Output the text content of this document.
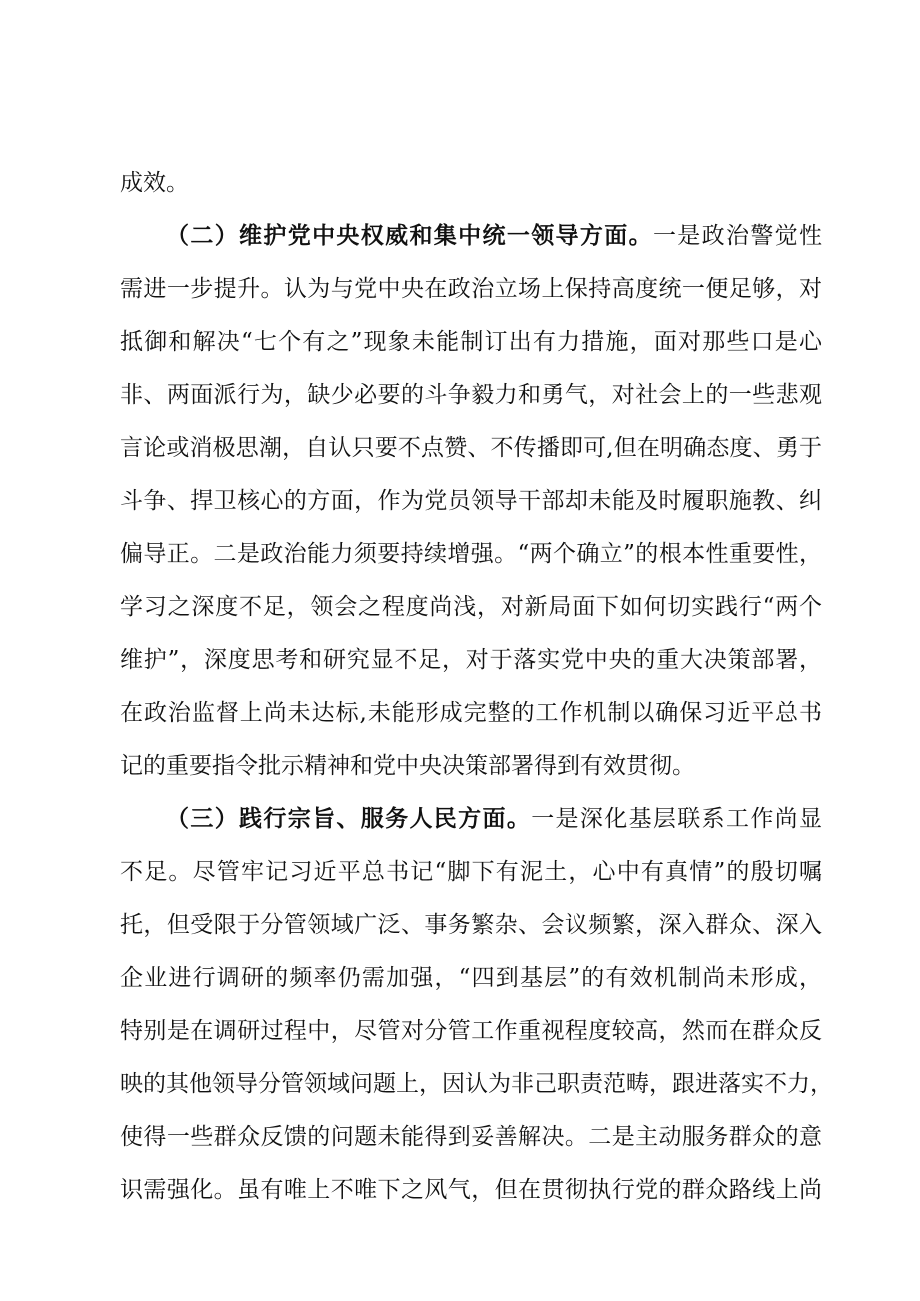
成效。
（二）维护党中央权威和集中统一领导方面。一是政治警觉性
需进一步提升。认为与党中央在政治立场上保持高度统一便足够，对
抵御和解决“七个有之”现象未能制订出有力措施，面对那些口是心
非、两面派行为，缺少必要的斗争毅力和勇气，对社会上的一些悲观
言论或消极思潮，自认只要不点赞、不传播即可,但在明确态度、勇于
斗争、捍卫核心的方面，作为党员领导干部却未能及时履职施教、纠
偏导正。二是政治能力须要持续增强。“两个确立”的根本性重要性，
学习之深度不足，领会之程度尚浅，对新局面下如何切实践行“两个
维护”，深度思考和研究显不足，对于落实党中央的重大决策部署，
在政治监督上尚未达标,未能形成完整的工作机制以确保习近平总书
记的重要指令批示精神和党中央决策部署得到有效贯彻。
（三）践行宗旨、服务人民方面。一是深化基层联系工作尚显
不足。尽管牢记习近平总书记“脚下有泥土，心中有真情”的殷切嘱
托，但受限于分管领域广泛、事务繁杂、会议频繁，深入群众、深入
企业进行调研的频率仍需加强，“四到基层”的有效机制尚未形成，
特别是在调研过程中，尽管对分管工作重视程度较高，然而在群众反
映的其他领导分管领域问题上，因认为非己职责范畴，跟进落实不力，
使得一些群众反馈的问题未能得到妥善解决。二是主动服务群众的意
识需强化。虽有唯上不唯下之风气，但在贯彻执行党的群众路线上尚
